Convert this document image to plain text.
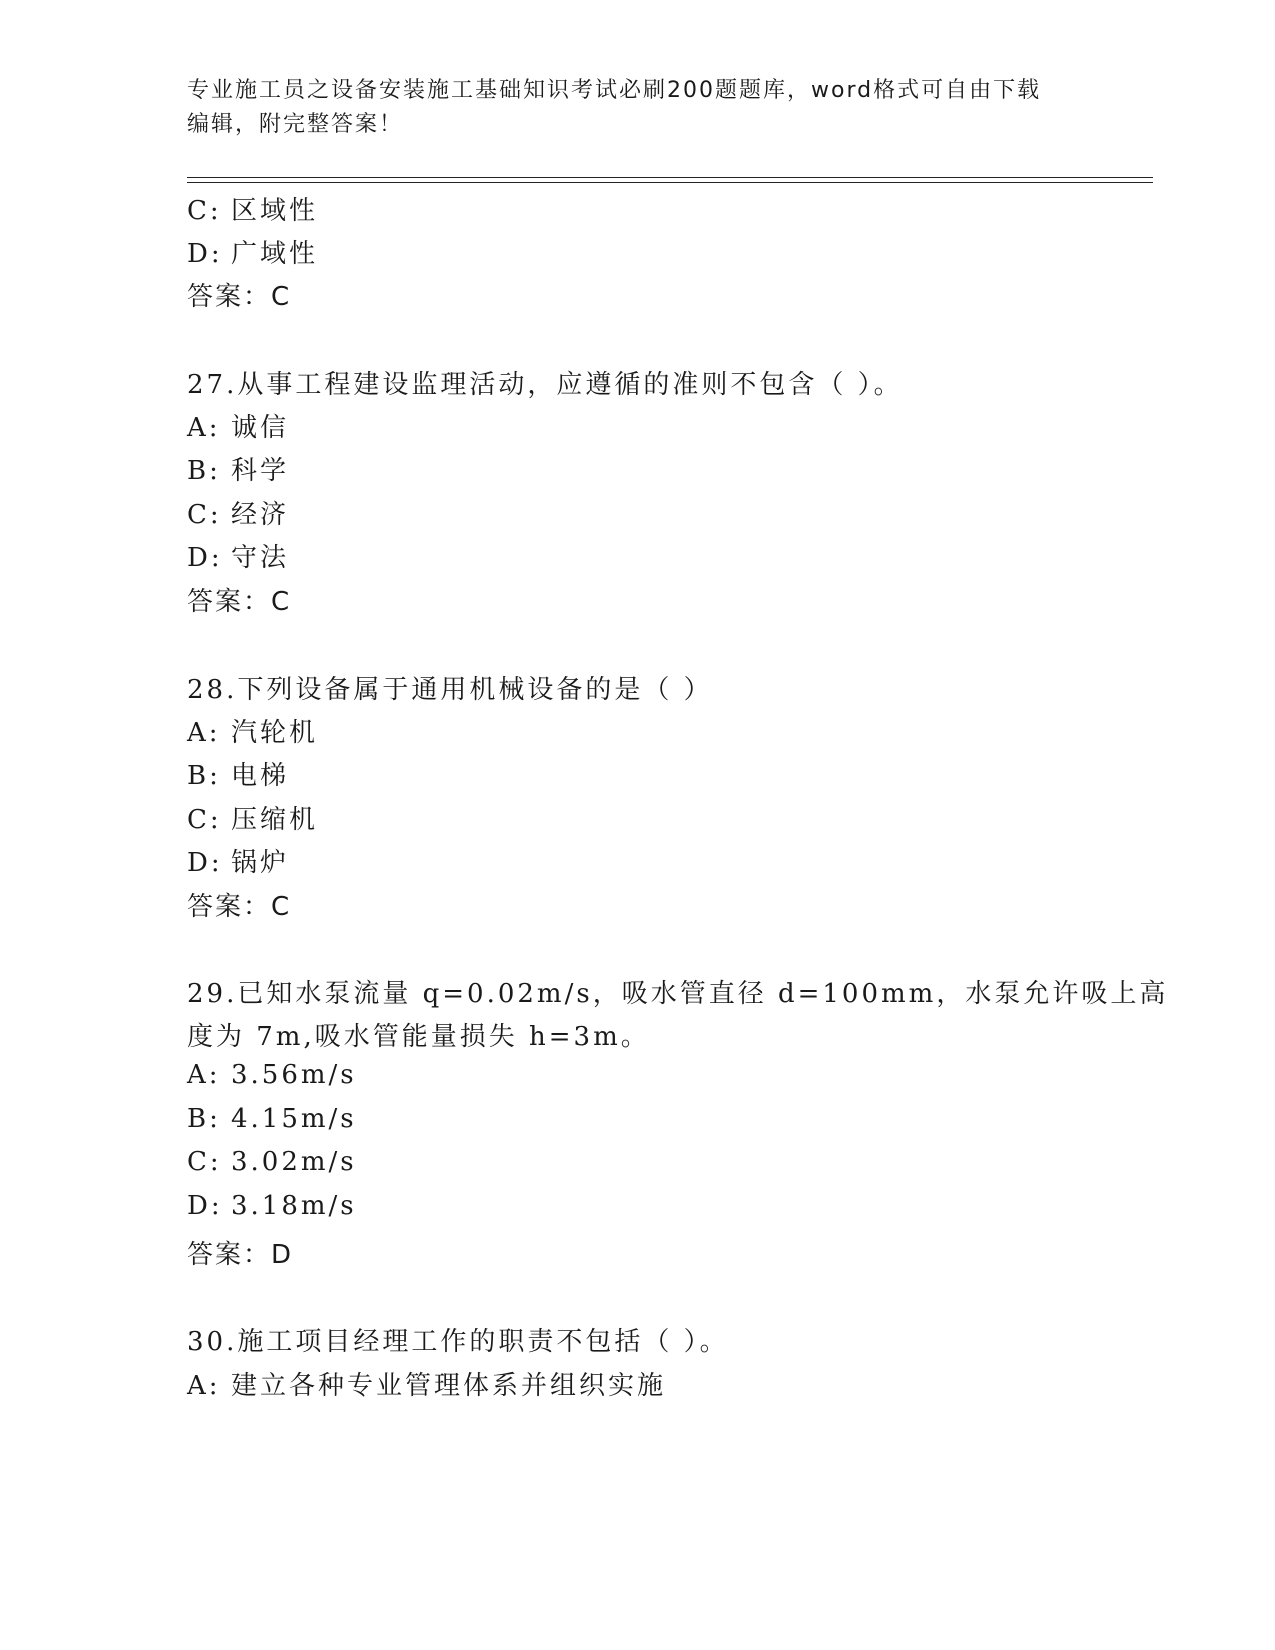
专业施工员之设备安装施工基础知识考试必刷200题题库，word格式可自由下载
编辑，附完整答案！
C: 区域性
D: 广域性
答案：C
27.从事工程建设监理活动，应遵循的准则不包含（ ）。
A: 诚信
B: 科学
C: 经济
D: 守法
答案：C
28.下列设备属于通用机械设备的是（ ）
A: 汽轮机
B: 电梯
C: 压缩机
D: 锅炉
答案：C
29.已知水泵流量 q=0.02m/s，吸水管直径 d=100mm，水泵允许吸上高
度为 7m,吸水管能量损失 h=3m。
A: 3.56m/s
B: 4.15m/s
C: 3.02m/s
D: 3.18m/s
答案：D
30.施工项目经理工作的职责不包括（ ）。
A: 建立各种专业管理体系并组织实施
